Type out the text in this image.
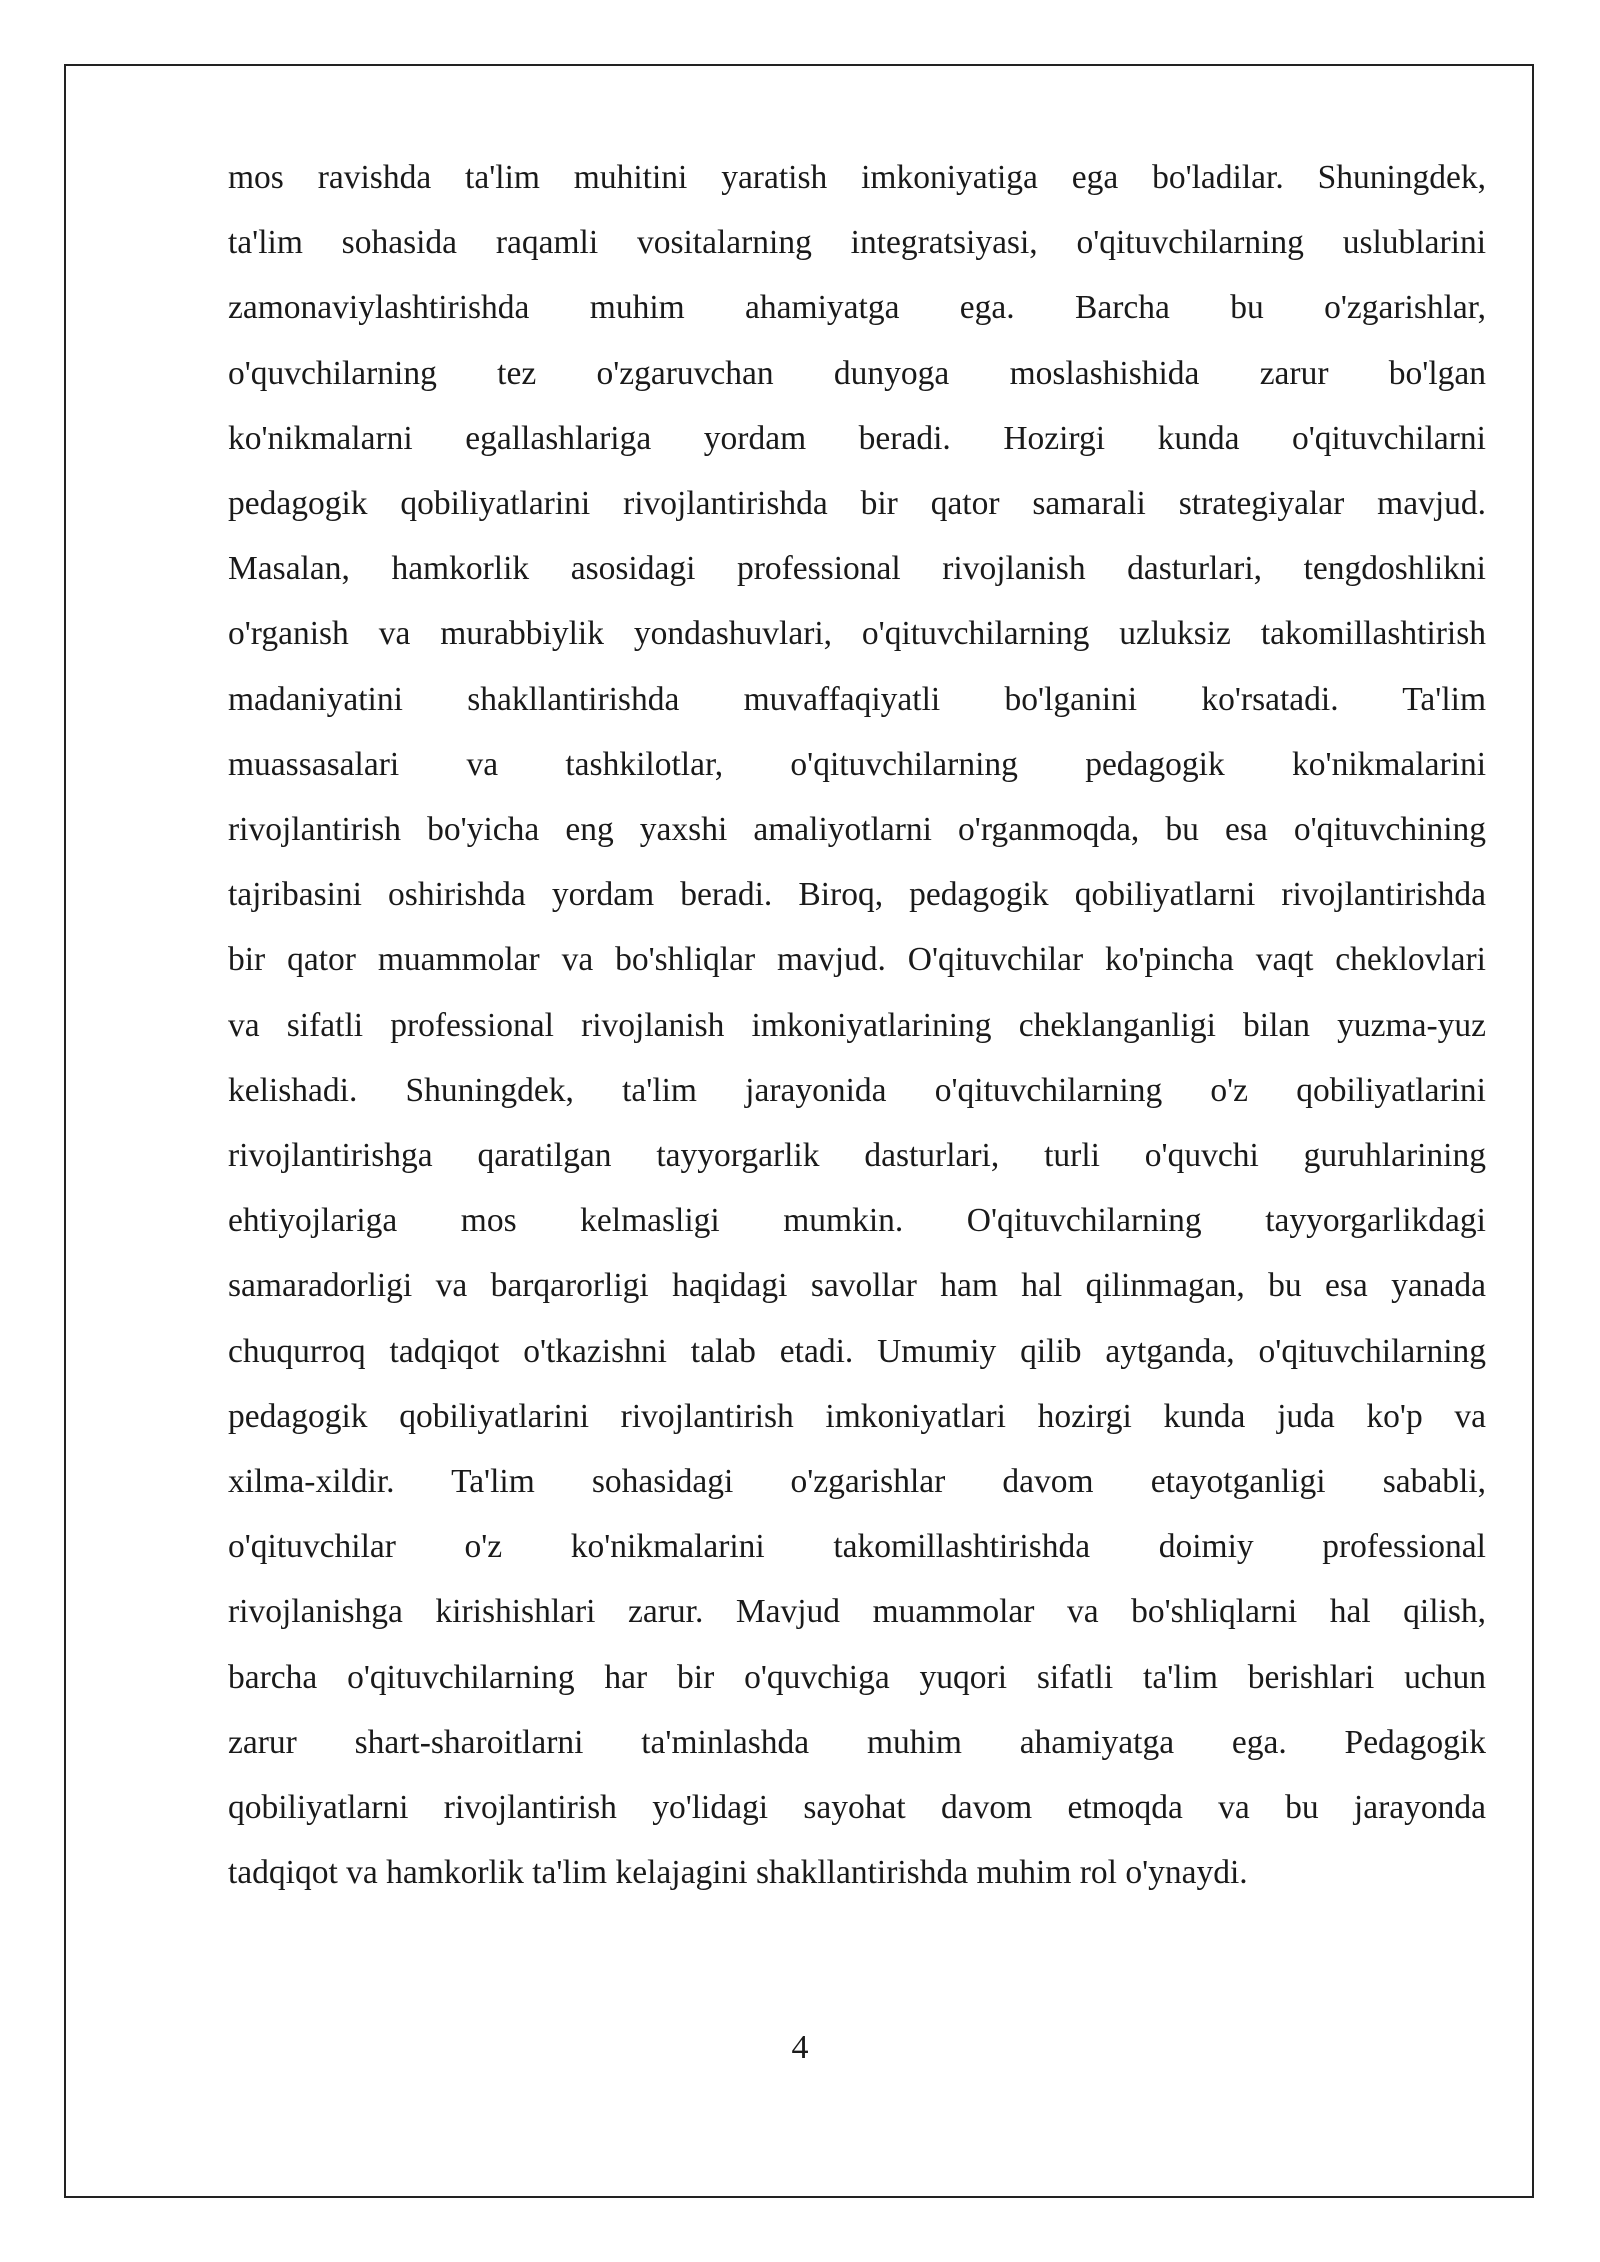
mos ravishda ta'lim muhitini yaratish imkoniyatiga ega bo'ladilar. Shuningdek,
ta'lim sohasida raqamli vositalarning integratsiyasi, o'qituvchilarning uslublarini
zamonaviylashtirishda muhim ahamiyatga ega. Barcha bu o'zgarishlar,
o'quvchilarning tez o'zgaruvchan dunyoga moslashishida zarur bo'lgan
ko'nikmalarni egallashlariga yordam beradi. Hozirgi kunda o'qituvchilarni
pedagogik qobiliyatlarini rivojlantirishda bir qator samarali strategiyalar mavjud.
Masalan, hamkorlik asosidagi professional rivojlanish dasturlari, tengdoshlikni
o'rganish va murabbiylik yondashuvlari, o'qituvchilarning uzluksiz takomillashtirish
madaniyatini shakllantirishda muvaffaqiyatli bo'lganini ko'rsatadi. Ta'lim
muassasalari va tashkilotlar, o'qituvchilarning pedagogik ko'nikmalarini
rivojlantirish bo'yicha eng yaxshi amaliyotlarni o'rganmoqda, bu esa o'qituvchining
tajribasini oshirishda yordam beradi. Biroq, pedagogik qobiliyatlarni rivojlantirishda
bir qator muammolar va bo'shliqlar mavjud. O'qituvchilar ko'pincha vaqt cheklovlari
va sifatli professional rivojlanish imkoniyatlarining cheklanganligi bilan yuzma-yuz
kelishadi. Shuningdek, ta'lim jarayonida o'qituvchilarning o'z qobiliyatlarini
rivojlantirishga qaratilgan tayyorgarlik dasturlari, turli o'quvchi guruhlarining
ehtiyojlariga mos kelmasligi mumkin. O'qituvchilarning tayyorgarlikdagi
samaradorligi va barqarorligi haqidagi savollar ham hal qilinmagan, bu esa yanada
chuqurroq tadqiqot o'tkazishni talab etadi. Umumiy qilib aytganda, o'qituvchilarning
pedagogik qobiliyatlarini rivojlantirish imkoniyatlari hozirgi kunda juda ko'p va
xilma-xildir. Ta'lim sohasidagi o'zgarishlar davom etayotganligi sababli,
o'qituvchilar o'z ko'nikmalarini takomillashtirishda doimiy professional
rivojlanishga kirishishlari zarur. Mavjud muammolar va bo'shliqlarni hal qilish,
barcha o'qituvchilarning har bir o'quvchiga yuqori sifatli ta'lim berishlari uchun
zarur shart-sharoitlarni ta'minlashda muhim ahamiyatga ega. Pedagogik
qobiliyatlarni rivojlantirish yo'lidagi sayohat davom etmoqda va bu jarayonda
tadqiqot va hamkorlik ta'lim kelajagini shakllantirishda muhim rol o'ynaydi.
4
